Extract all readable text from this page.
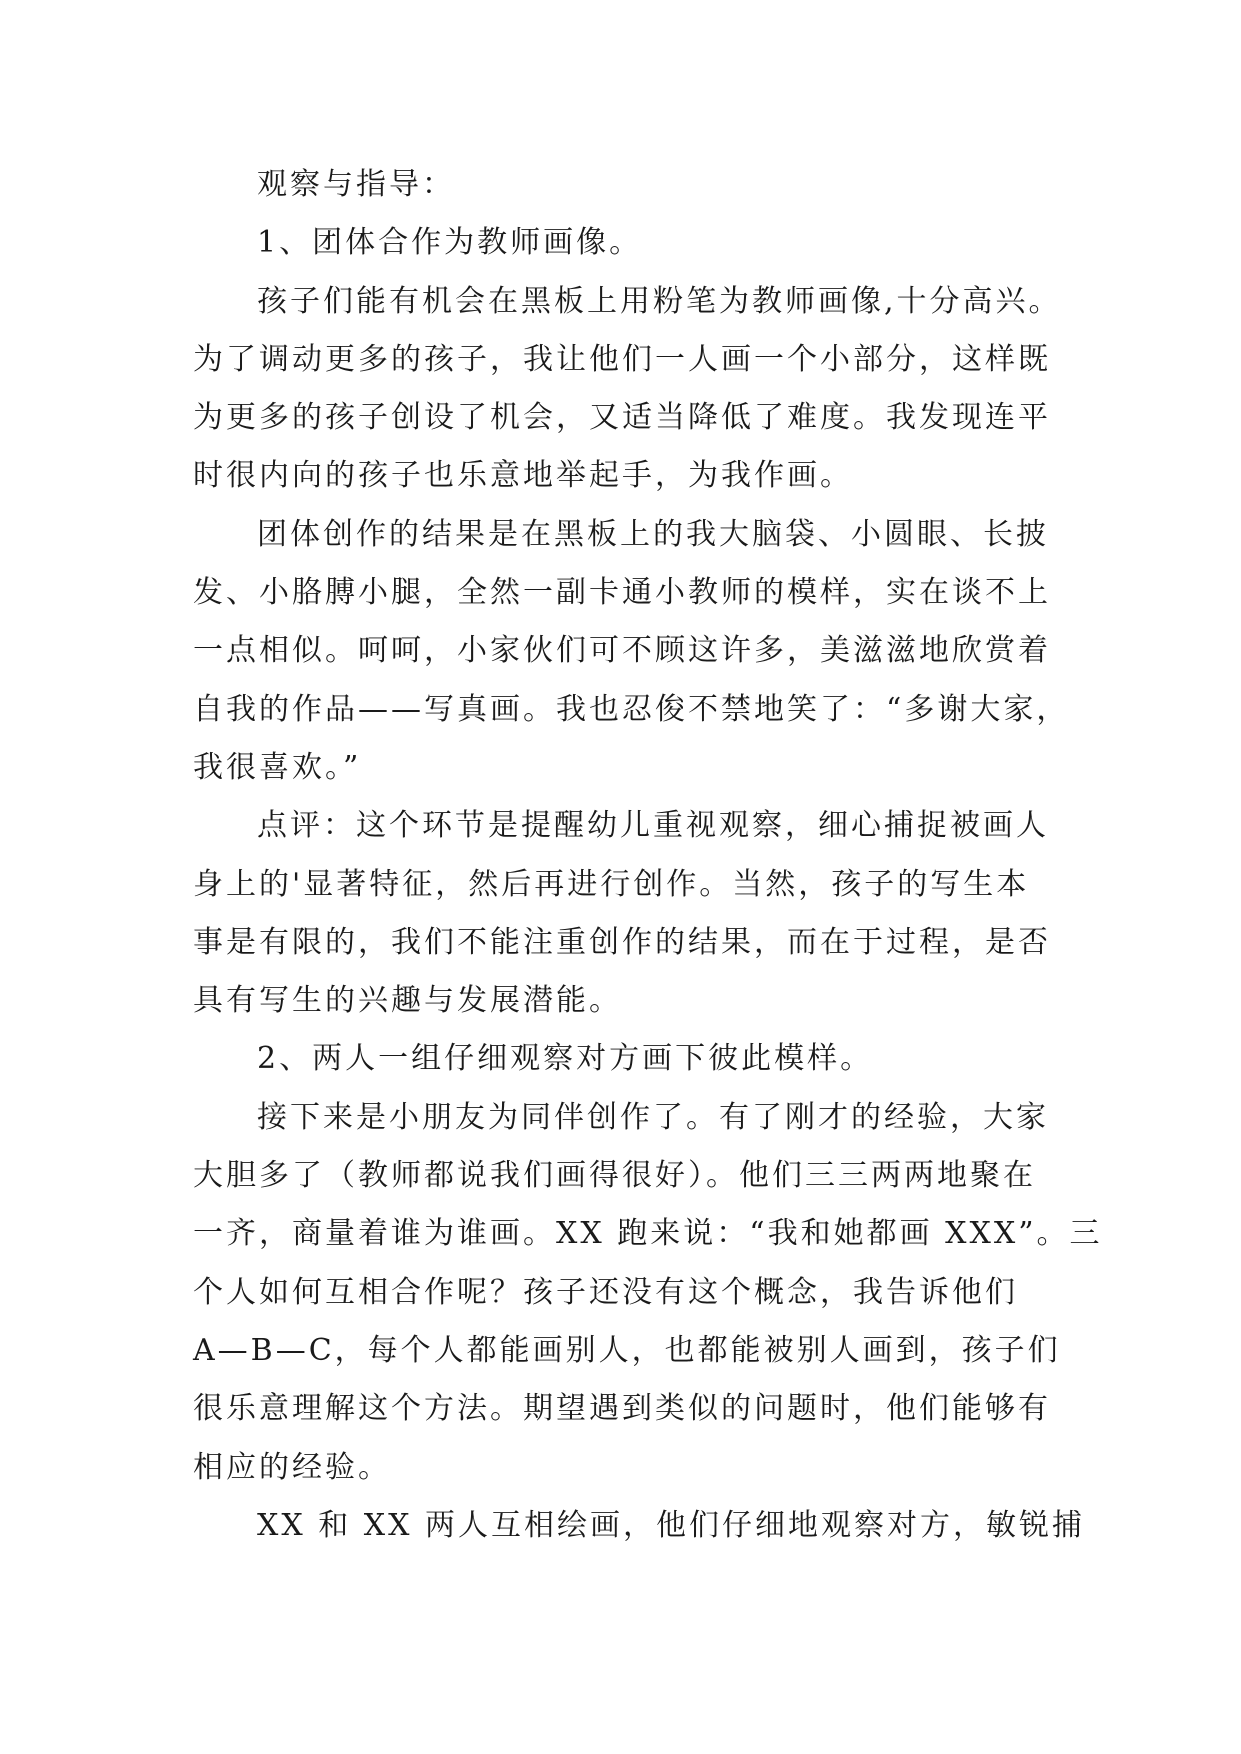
观察与指导：
1、团体合作为教师画像。
孩子们能有机会在黑板上用粉笔为教师画像,十分高兴。
为了调动更多的孩子，我让他们一人画一个小部分，这样既
为更多的孩子创设了机会，又适当降低了难度。我发现连平
时很内向的孩子也乐意地举起手，为我作画。
团体创作的结果是在黑板上的我大脑袋、小圆眼、长披
发、小胳膊小腿，全然一副卡通小教师的模样，实在谈不上
一点相似。呵呵，小家伙们可不顾这许多，美滋滋地欣赏着
自我的作品——写真画。我也忍俊不禁地笑了：“多谢大家，
我很喜欢。”
点评：这个环节是提醒幼儿重视观察，细心捕捉被画人
身上的'显著特征，然后再进行创作。当然，孩子的写生本
事是有限的，我们不能注重创作的结果，而在于过程，是否
具有写生的兴趣与发展潜能。
2、两人一组仔细观察对方画下彼此模样。
接下来是小朋友为同伴创作了。有了刚才的经验，大家
大胆多了（教师都说我们画得很好）。他们三三两两地聚在
一齐，商量着谁为谁画。XX 跑来说：“我和她都画 XXX”。三
个人如何互相合作呢？孩子还没有这个概念，我告诉他们
A—B—C，每个人都能画别人，也都能被别人画到，孩子们
很乐意理解这个方法。期望遇到类似的问题时，他们能够有
相应的经验。
XX 和 XX 两人互相绘画，他们仔细地观察对方，敏锐捕
